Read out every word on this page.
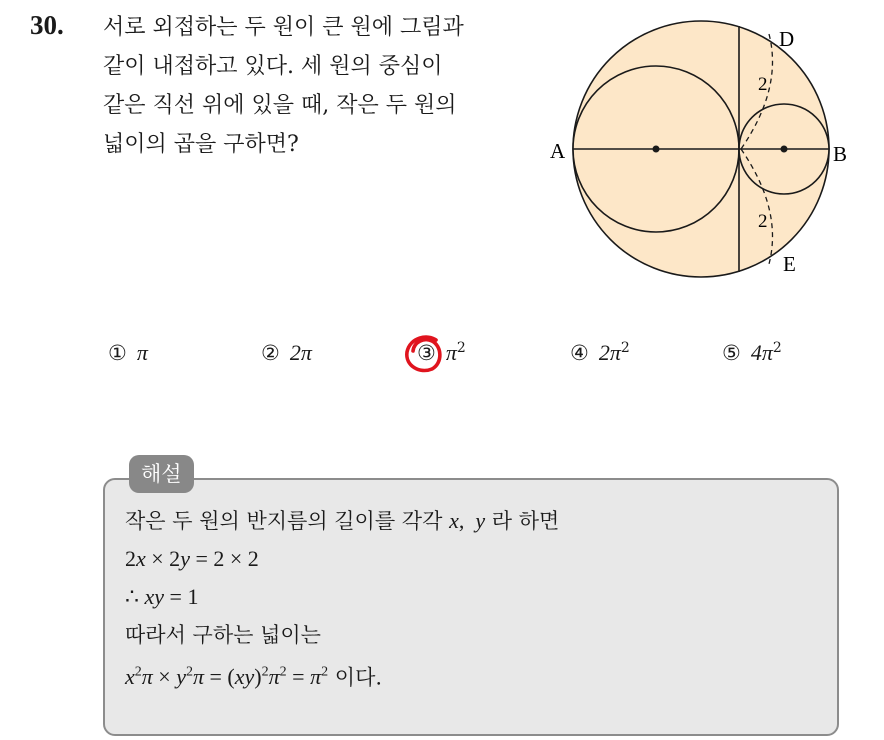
30. 서로 외접하는 두 원이 큰 원에 그림과
같이 내접하고 있다. 세 원의 중심이
같은 직선 위에 있을 때, 작은 두 원의
넓이의 곱을 구하면?	A	B
D
E
2
2
① π	② 2π	③ $\pi^2$	④ $2\pi^2$	⑤ $4\pi^2$
해설
작은 두 원의 반지름의 길이를 각각 x,  y 라 하면
2x × 2y = 2 × 2
∴ xy = 1
따라서 구하는 넓이는
$x^2\pi \times y^2\pi = (xy)^2\pi^2 = \pi^2$ 이다.
